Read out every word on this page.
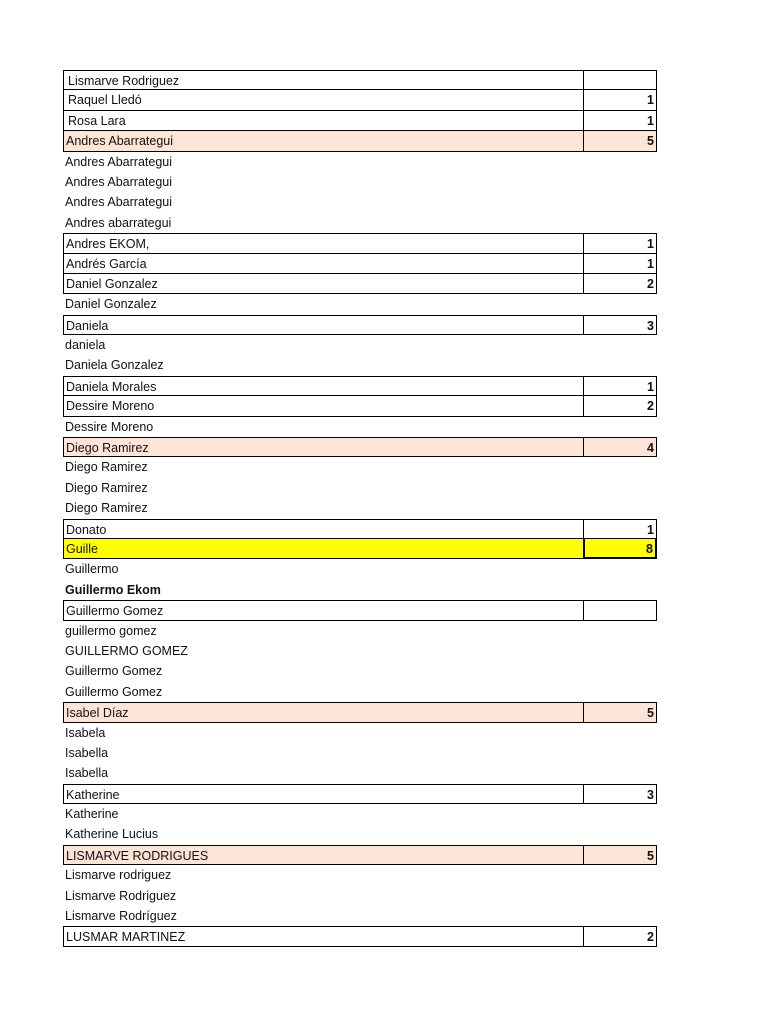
Lismarve Rodriguez
Raquel Lledó	1
Rosa Lara	1
Andres Abarrategui	5
Andres Abarrategui
Andres Abarrategui
Andres Abarrategui
Andres abarrategui
Andres EKOM,	1
Andrés García	1
Daniel Gonzalez	2
Daniel Gonzalez
Daniela	3
daniela
Daniela Gonzalez
Daniela Morales	1
Dessire Moreno	2
Dessire Moreno
Diego Ramirez	4
Diego Ramirez
Diego Ramirez
Diego Ramirez
Donato	1
Guille	8
Guillermo
Guillermo Ekom
Guillermo Gomez
guillermo gomez
GUILLERMO GOMEZ
Guillermo Gomez
Guillermo Gomez
Isabel Díaz	5
Isabela
Isabella
Isabella
Katherine	3
Katherine
Katherine Lucius
LISMARVE RODRIGUES	5
Lismarve rodriguez
Lismarve Rodriguez
Lismarve Rodríguez
LUSMAR MARTINEZ	2
